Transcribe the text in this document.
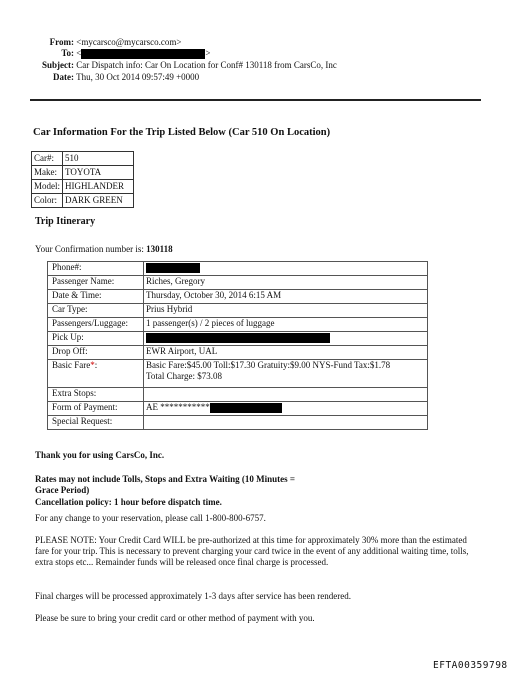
From: <mycarsco@mycarsco.com>
To: <	>
Subject: Car Dispatch info: Car On Location for Conf# 130118 from CarsCo, Inc
Date: Thu, 30 Oct 2014 09:57:49 +0000
Car Information For the Trip Listed Below (Car 510 On Location)
Car#:	510
Make:	TOYOTA
Model:	HIGHLANDER
Color:	DARK GREEN
Trip Itinerary
Your Confirmation number is: 130118
Phone#:	
Passenger Name:	Riches, Gregory
Date & Time:	Thursday, October 30, 2014 6:15 AM
Car Type:	Prius Hybrid
Passengers/Luggage:	1 passenger(s) / 2 pieces of luggage
Pick Up:	
Drop Off:	EWR Airport, UAL
Basic Fare*:	Basic Fare:$45.00 Toll:$17.30 Gratuity:$9.00 NYS-Fund Tax:$1.78
Total Charge: $73.08

Extra Stops:	
Form of Payment:	AE ***********
Special Request:	
Thank you for using CarsCo, Inc.
Rates may not include Tolls, Stops and Extra Waiting (10 Minutes = Grace Period)
Cancellation policy: 1 hour before dispatch time.
For any change to your reservation, please call 1-800-800-6757.
PLEASE NOTE: Your Credit Card WILL be pre-authorized at this time for approximately 30% more than the estimated fare for your trip. This is necessary to prevent charging your card twice in the event of any additional waiting time, tolls, extra stops etc... Remainder funds will be released once final charge is processed.
Final charges will be processed approximately 1-3 days after service has been rendered.
Please be sure to bring your credit card or other method of payment with you.
EFTA00359798
